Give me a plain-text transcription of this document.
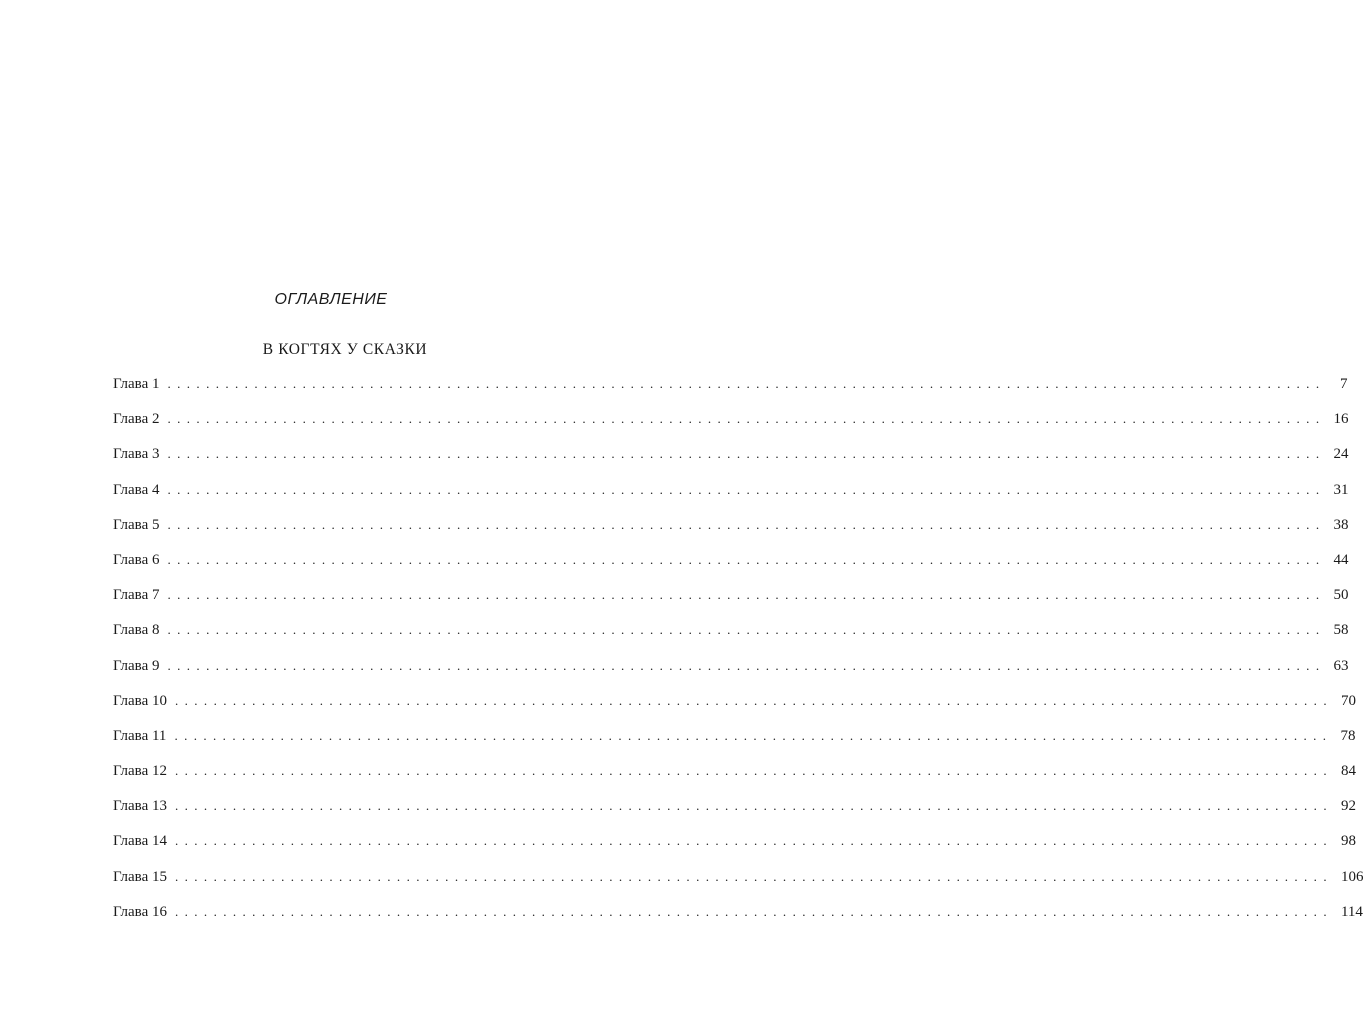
ОГЛАВЛЕНИЕ
В КОГТЯХ У СКАЗКИ
Глава 1 ........................................................................................................................ 7
Глава 2 ........................................................................................................................ 16
Глава 3 ........................................................................................................................ 24
Глава 4 ........................................................................................................................ 31
Глава 5 ........................................................................................................................ 38
Глава 6 ........................................................................................................................ 44
Глава 7 ........................................................................................................................ 50
Глава 8 ........................................................................................................................ 58
Глава 9 ........................................................................................................................ 63
Глава 10 ........................................................................................................................ 70
Глава 11 ........................................................................................................................ 78
Глава 12 ........................................................................................................................ 84
Глава 13 ........................................................................................................................ 92
Глава 14 ........................................................................................................................ 98
Глава 15 ........................................................................................................................ 106
Глава 16 ........................................................................................................................ 114
